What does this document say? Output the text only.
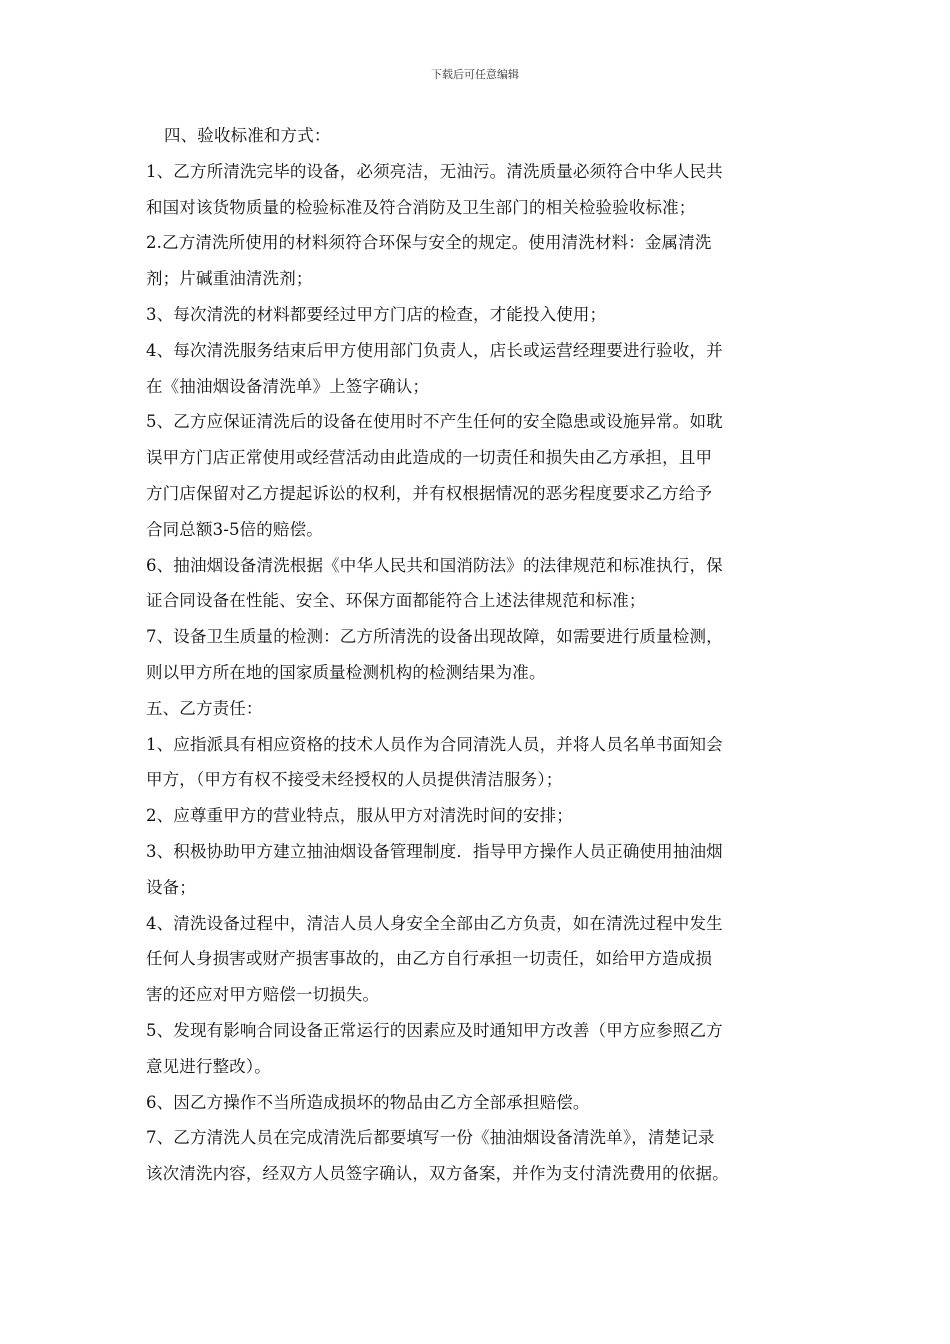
下载后可任意编辑
四、验收标准和方式：
1、乙方所清洗完毕的设备，必须亮洁，无油污。清洗质量必须符合中华人民共
和国对该货物质量的检验标准及符合消防及卫生部门的相关检验验收标准；
2.乙方清洗所使用的材料须符合环保与安全的规定。使用清洗材料：金属清洗
剂；片碱重油清洗剂；
3、每次清洗的材料都要经过甲方门店的检查，才能投入使用；
4、每次清洗服务结束后甲方使用部门负责人，店长或运营经理要进行验收，并
在《抽油烟设备清洗单》上签字确认；
5、乙方应保证清洗后的设备在使用时不产生任何的安全隐患或设施异常。如耽
误甲方门店正常使用或经营活动由此造成的一切责任和损失由乙方承担，且甲
方门店保留对乙方提起诉讼的权利，并有权根据情况的恶劣程度要求乙方给予
合同总额3-5倍的赔偿。
6、抽油烟设备清洗根据《中华人民共和国消防法》的法律规范和标准执行，保
证合同设备在性能、安全、环保方面都能符合上述法律规范和标准；
7、设备卫生质量的检测：乙方所清洗的设备出现故障，如需要进行质量检测，
则以甲方所在地的国家质量检测机构的检测结果为准。
五、乙方责任：
1、应指派具有相应资格的技术人员作为合同清洗人员，并将人员名单书面知会
甲方，（甲方有权不接受未经授权的人员提供清洁服务）；
2、应尊重甲方的营业特点，服从甲方对清洗时间的安排；
3、积极协助甲方建立抽油烟设备管理制度．指导甲方操作人员正确使用抽油烟
设备；
4、清洗设备过程中，清洁人员人身安全全部由乙方负责，如在清洗过程中发生
任何人身损害或财产损害事故的，由乙方自行承担一切责任，如给甲方造成损
害的还应对甲方赔偿一切损失。
5、发现有影响合同设备正常运行的因素应及时通知甲方改善（甲方应参照乙方
意见进行整改）。
6、因乙方操作不当所造成损坏的物品由乙方全部承担赔偿。
7、乙方清洗人员在完成清洗后都要填写一份《抽油烟设备清洗单》，清楚记录
该次清洗内容，经双方人员签字确认，双方备案，并作为支付清洗费用的依据。
